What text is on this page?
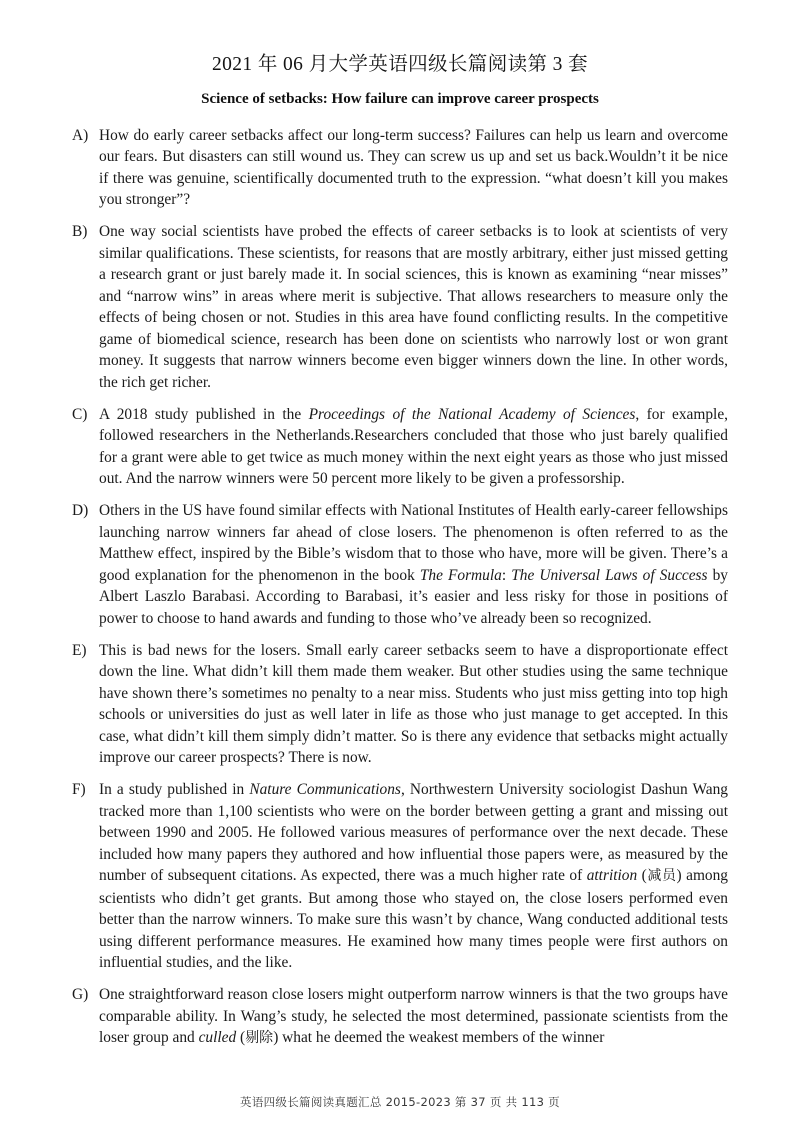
2021 年 06 月大学英语四级长篇阅读第 3 套
Science of setbacks: How failure can improve career prospects
A) How do early career setbacks affect our long-term success? Failures can help us learn and overcome our fears. But disasters can still wound us. They can screw us up and set us back.Wouldn’t it be nice if there was genuine, scientifically documented truth to the expression. “what doesn’t kill you makes you stronger”?
B) One way social scientists have probed the effects of career setbacks is to look at scientists of very similar qualifications. These scientists, for reasons that are mostly arbitrary, either just missed getting a research grant or just barely made it. In social sciences, this is known as examining “near misses” and “narrow wins” in areas where merit is subjective. That allows researchers to measure only the effects of being chosen or not. Studies in this area have found conflicting results. In the competitive game of biomedical science, research has been done on scientists who narrowly lost or won grant money. It suggests that narrow winners become even bigger winners down the line. In other words, the rich get richer.
C) A 2018 study published in the Proceedings of the National Academy of Sciences, for example, followed researchers in the Netherlands.Researchers concluded that those who just barely qualified for a grant were able to get twice as much money within the next eight years as those who just missed out. And the narrow winners were 50 percent more likely to be given a professorship.
D) Others in the US have found similar effects with National Institutes of Health early-career fellowships launching narrow winners far ahead of close losers. The phenomenon is often referred to as the Matthew effect, inspired by the Bible’s wisdom that to those who have, more will be given. There’s a good explanation for the phenomenon in the book The Formula: The Universal Laws of Success by Albert Laszlo Barabasi. According to Barabasi, it’s easier and less risky for those in positions of power to choose to hand awards and funding to those who’ve already been so recognized.
E) This is bad news for the losers. Small early career setbacks seem to have a disproportionate effect down the line. What didn’t kill them made them weaker. But other studies using the same technique have shown there’s sometimes no penalty to a near miss. Students who just miss getting into top high schools or universities do just as well later in life as those who just manage to get accepted. In this case, what didn’t kill them simply didn’t matter. So is there any evidence that setbacks might actually improve our career prospects? There is now.
F) In a study published in Nature Communications, Northwestern University sociologist Dashun Wang tracked more than 1,100 scientists who were on the border between getting a grant and missing out between 1990 and 2005. He followed various measures of performance over the next decade. These included how many papers they authored and how influential those papers were, as measured by the number of subsequent citations. As expected, there was a much higher rate of attrition (减员) among scientists who didn’t get grants. But among those who stayed on, the close losers performed even better than the narrow winners. To make sure this wasn’t by chance, Wang conducted additional tests using different performance measures. He examined how many times people were first authors on influential studies, and the like.
G) One straightforward reason close losers might outperform narrow winners is that the two groups have comparable ability. In Wang’s study, he selected the most determined, passionate scientists from the loser group and culled (剔除) what he deemed the weakest members of the winner
英语四级长篇阅读真题汇总 2015-2023 第 37 页 共 113 页
